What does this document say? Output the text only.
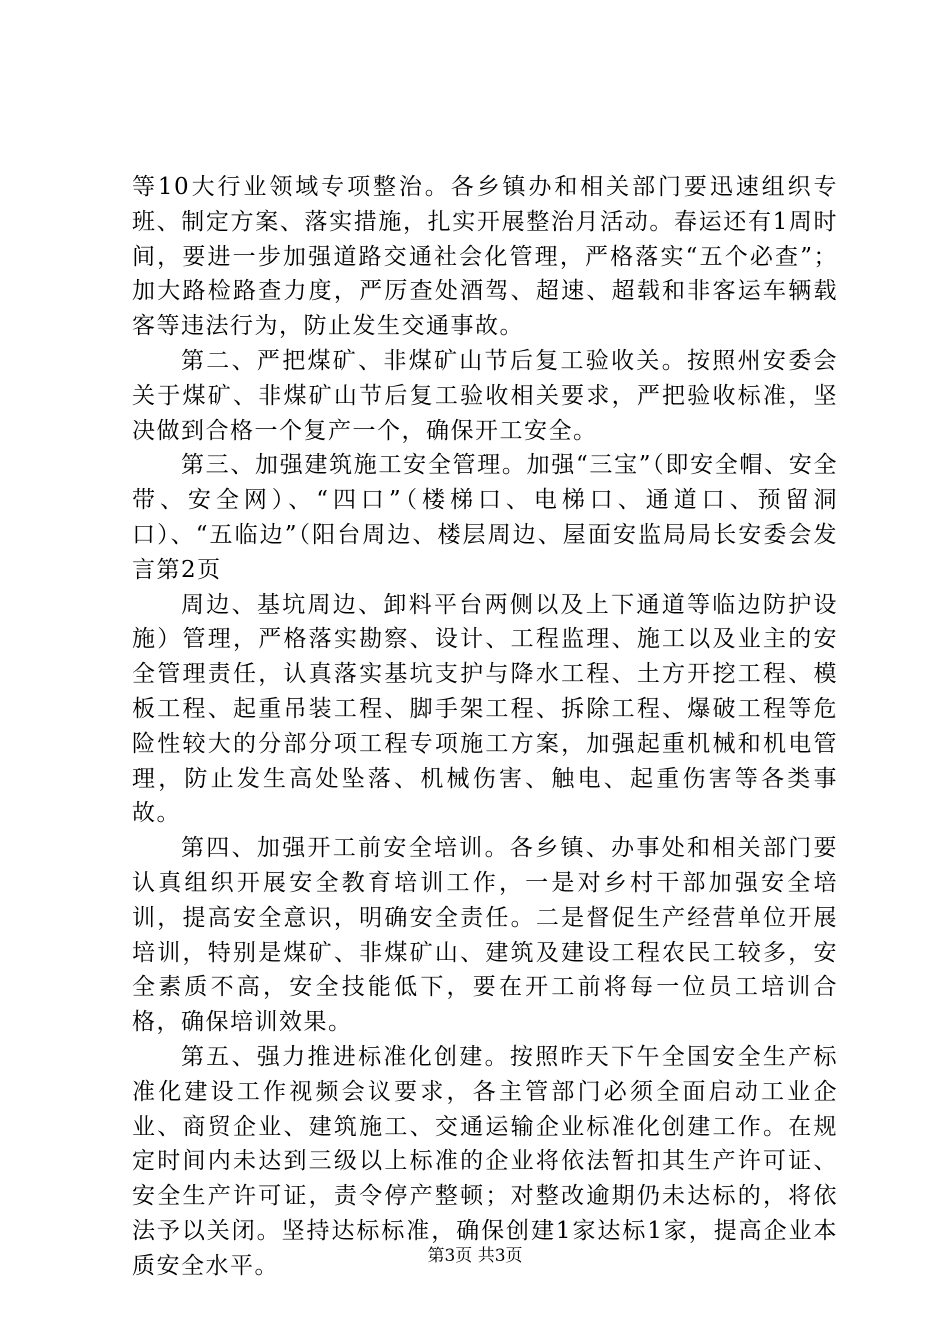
等10大行业领域专项整治。各乡镇办和相关部门要迅速组织专班、制定方案、落实措施，扎实开展整治月活动。春运还有1周时间，要进一步加强道路交通社会化管理，严格落实“五个必查”；加大路检路查力度，严厉查处酒驾、超速、超载和非客运车辆载客等违法行为，防止发生交通事故。

第二、严把煤矿、非煤矿山节后复工验收关。按照州安委会关于煤矿、非煤矿山节后复工验收相关要求，严把验收标准，坚决做到合格一个复产一个，确保开工安全。

第三、加强建筑施工安全管理。加强“三宝”（即安全帽、安全带、安全网）、“四口”（楼梯口、电梯口、通道口、预留洞口）、“五临边”（阳台周边、楼层周边、屋面安监局局长安委会发言第2页

周边、基坑周边、卸料平台两侧以及上下通道等临边防护设施）管理，严格落实勘察、设计、工程监理、施工以及业主的安全管理责任，认真落实基坑支护与降水工程、土方开挖工程、模板工程、起重吊装工程、脚手架工程、拆除工程、爆破工程等危险性较大的分部分项工程专项施工方案，加强起重机械和机电管理，防止发生高处坠落、机械伤害、触电、起重伤害等各类事故。

第四、加强开工前安全培训。各乡镇、办事处和相关部门要认真组织开展安全教育培训工作，一是对乡村干部加强安全培训，提高安全意识，明确安全责任。二是督促生产经营单位开展培训，特别是煤矿、非煤矿山、建筑及建设工程农民工较多，安全素质不高，安全技能低下，要在开工前将每一位员工培训合格，确保培训效果。

第五、强力推进标准化创建。按照昨天下午全国安全生产标准化建设工作视频会议要求，各主管部门必须全面启动工业企业、商贸企业、建筑施工、交通运输企业标准化创建工作。在规定时间内未达到三级以上标准的企业将依法暂扣其生产许可证、安全生产许可证，责令停产整顿；对整改逾期仍未达标的，将依法予以关闭。坚持达标标准，确保创建1家达标1家，提高企业本质安全水平。	第3页 共3页
